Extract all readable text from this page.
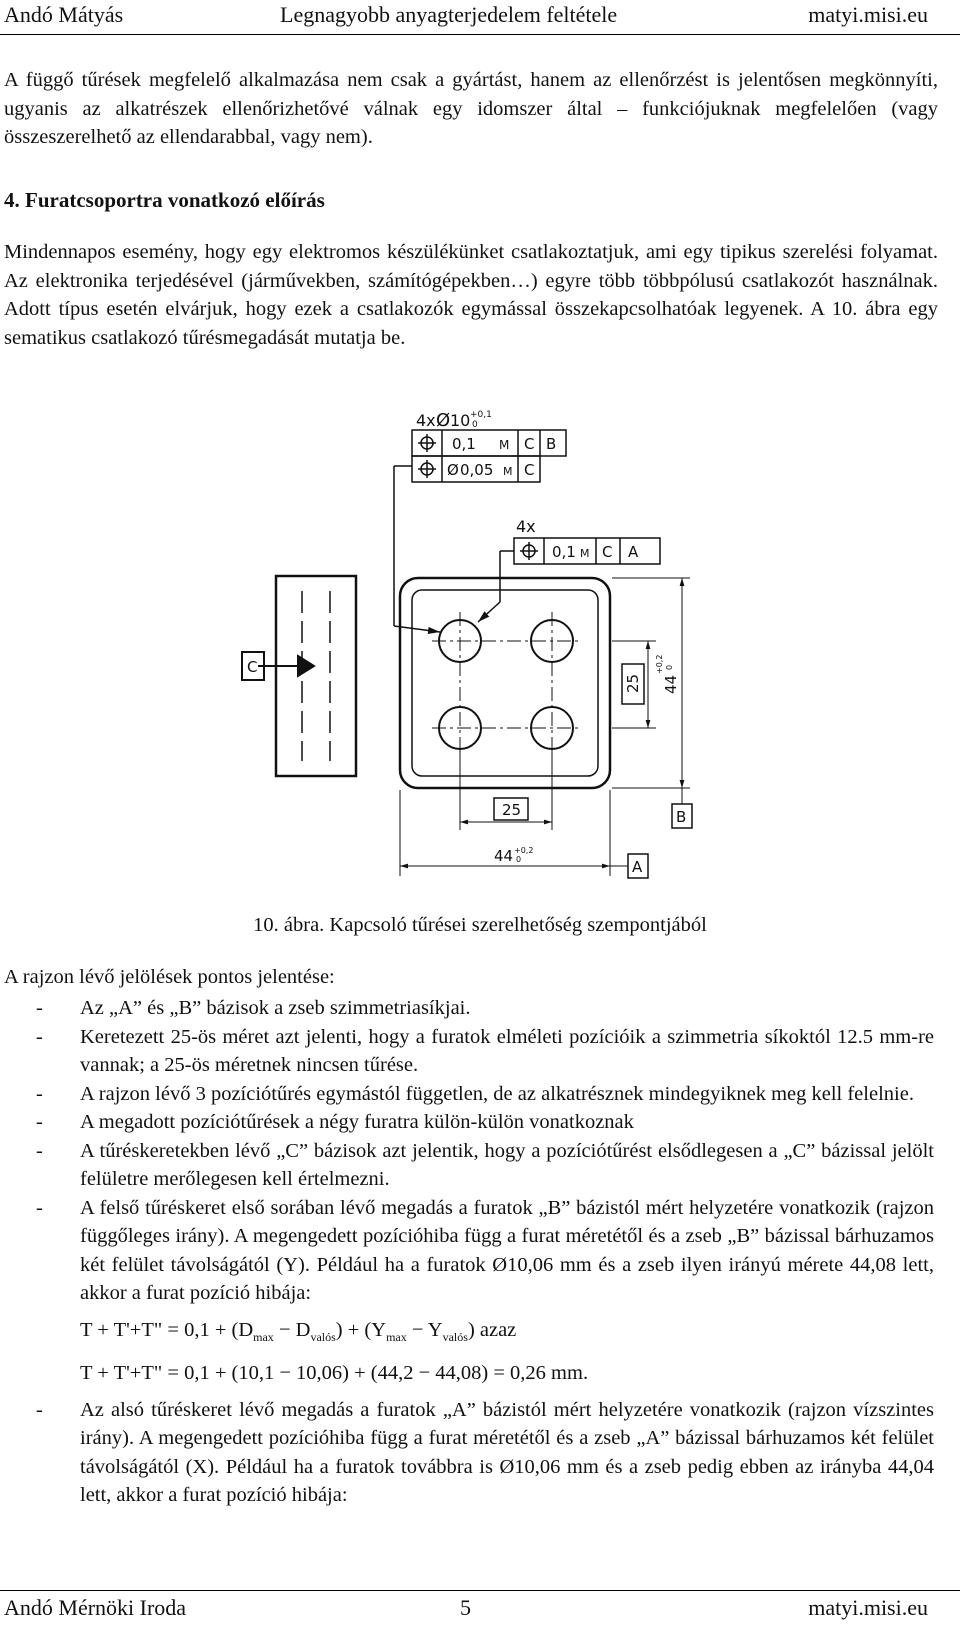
Andó Mátyás	Legnagyobb anyagterjedelem feltétele	matyi.misi.eu

A függő tűrések megfelelő alkalmazása nem csak a gyártást, hanem az ellenőrzést is jelentősen megkönnyíti, ugyanis az alkatrészek ellenőrizhetővé válnak egy idomszer által – funkciójuknak megfelelően (vagy összeszerelhető az ellendarabbal, vagy nem).

4. Furatcsoportra vonatkozó előírás

Mindennapos esemény, hogy egy elektromos készülékünket csatlakoztatjuk, ami egy tipikus szerelési folyamat. Az elektronika terjedésével (járművekben, számítógépekben…) egyre több többpólusú csatlakozót használnak. Adott típus esetén elvárjuk, hogy ezek a csatlakozók egymással összekapcsolhatóak legyenek. A 10. ábra egy sematikus csatlakozó tűrésmegadását mutatja be.

4x Ø 10 +0,1
0
0,1 M C B
Ø 0,05 M C
4x
0,1 M C A
25 44
+0,2 0
25
44 +0,2
0
B
A
C
10. ábra. Kapcsoló tűrései szerelhetőség szempontjából
A rajzon lévő jelölések pontos jelentése:
- Az „A” és „B” bázisok a zseb szimmetriasíkjai.
- Keretezett 25-ös méret azt jelenti, hogy a furatok elméleti pozícióik a szimmetria síkoktól 12.5 mm-re vannak; a 25-ös méretnek nincsen tűrése.
- A rajzon lévő 3 pozíciótűrés egymástól független, de az alkatrésznek mindegyiknek meg kell felelnie.
- A megadott pozíciótűrések a négy furatra külön-külön vonatkoznak
- A tűréskeretekben lévő „C” bázisok azt jelentik, hogy a pozíciótűrést elsődlegesen a „C” bázissal jelölt felületre merőlegesen kell értelmezni.
- A felső tűréskeret első sorában lévő megadás a furatok „B” bázistól mért helyzetére vonatkozik (rajzon függőleges irány). A megengedett pozícióhiba függ a furat méretétől és a zseb „B” bázissal bárhuzamos két felület távolságától (Y). Például ha a furatok Ø10,06 mm és a zseb ilyen irányú mérete 44,08 lett, akkor a furat pozíció hibája:
T + T'+T" = $0,1 + (D_{max} - D_{valós}) + (Y_{max} - Y_{valós})$ azaz
T + T'+T" = 0,1 + (10,1 − 10,06) + (44,2 − 44,08) = 0,26 mm.
- Az alsó tűréskeret lévő megadás a furatok „A” bázistól mért helyzetére vonatkozik (rajzon vízszintes irány). A megengedett pozícióhiba függ a furat méretétől és a zseb „A” bázissal bárhuzamos két felület távolságától (X). Például ha a furatok továbbra is Ø10,06 mm és a zseb pedig ebben az irányba 44,04 lett, akkor a furat pozíció hibája:
Andó Mérnöki Iroda	5	matyi.misi.eu
